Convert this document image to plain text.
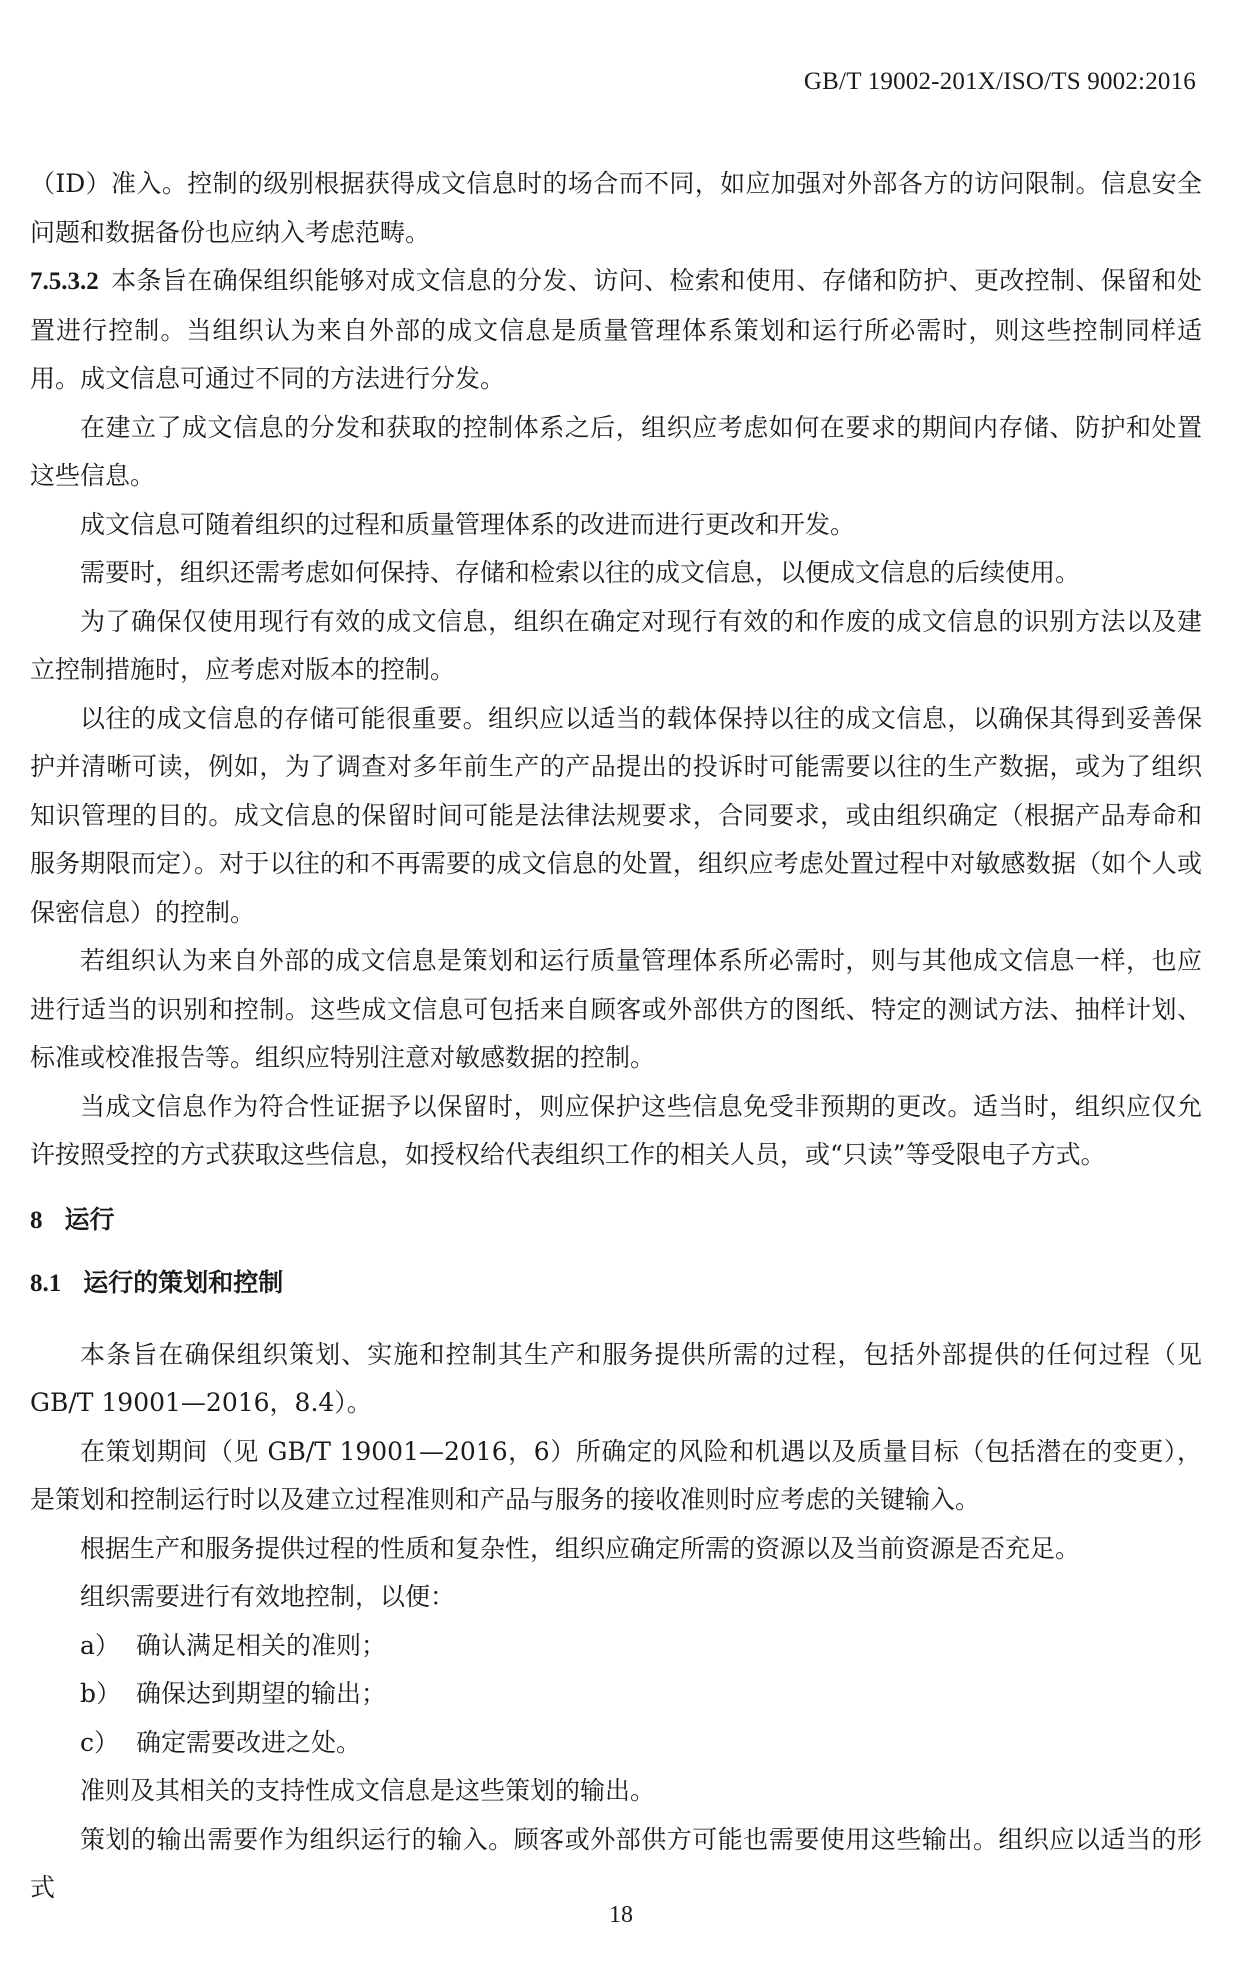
GB/T 19002-201X/ISO/TS 9002:2016

（ID）准入。控制的级别根据获得成文信息时的场合而不同，如应加强对外部各方的访问限制。信息安全问题和数据备份也应纳入考虑范畴。

7.5.3.2 本条旨在确保组织能够对成文信息的分发、访问、检索和使用、存储和防护、更改控制、保留和处置进行控制。当组织认为来自外部的成文信息是质量管理体系策划和运行所必需时，则这些控制同样适用。成文信息可通过不同的方法进行分发。

在建立了成文信息的分发和获取的控制体系之后，组织应考虑如何在要求的期间内存储、防护和处置这些信息。

成文信息可随着组织的过程和质量管理体系的改进而进行更改和开发。

需要时，组织还需考虑如何保持、存储和检索以往的成文信息，以便成文信息的后续使用。

为了确保仅使用现行有效的成文信息，组织在确定对现行有效的和作废的成文信息的识别方法以及建立控制措施时，应考虑对版本的控制。

以往的成文信息的存储可能很重要。组织应以适当的载体保持以往的成文信息，以确保其得到妥善保护并清晰可读，例如，为了调查对多年前生产的产品提出的投诉时可能需要以往的生产数据，或为了组织知识管理的目的。成文信息的保留时间可能是法律法规要求，合同要求，或由组织确定（根据产品寿命和服务期限而定）。对于以往的和不再需要的成文信息的处置，组织应考虑处置过程中对敏感数据（如个人或保密信息）的控制。

若组织认为来自外部的成文信息是策划和运行质量管理体系所必需时，则与其他成文信息一样，也应进行适当的识别和控制。这些成文信息可包括来自顾客或外部供方的图纸、特定的测试方法、抽样计划、标准或校准报告等。组织应特别注意对敏感数据的控制。

当成文信息作为符合性证据予以保留时，则应保护这些信息免受非预期的更改。适当时，组织应仅允许按照受控的方式获取这些信息，如授权给代表组织工作的相关人员，或“只读”等受限电子方式。

8 运行
8.1 运行的策划和控制

本条旨在确保组织策划、实施和控制其生产和服务提供所需的过程，包括外部提供的任何过程（见 GB/T 19001—2016，8.4）。

在策划期间（见 GB/T 19001—2016，6）所确定的风险和机遇以及质量目标（包括潜在的变更），是策划和控制运行时以及建立过程准则和产品与服务的接收准则时应考虑的关键输入。

根据生产和服务提供过程的性质和复杂性，组织应确定所需的资源以及当前资源是否充足。

组织需要进行有效地控制，以便：

a） 确认满足相关的准则；
b） 确保达到期望的输出；
c） 确定需要改进之处。

准则及其相关的支持性成文信息是这些策划的输出。

策划的输出需要作为组织运行的输入。顾客或外部供方可能也需要使用这些输出。组织应以适当的形式

18
